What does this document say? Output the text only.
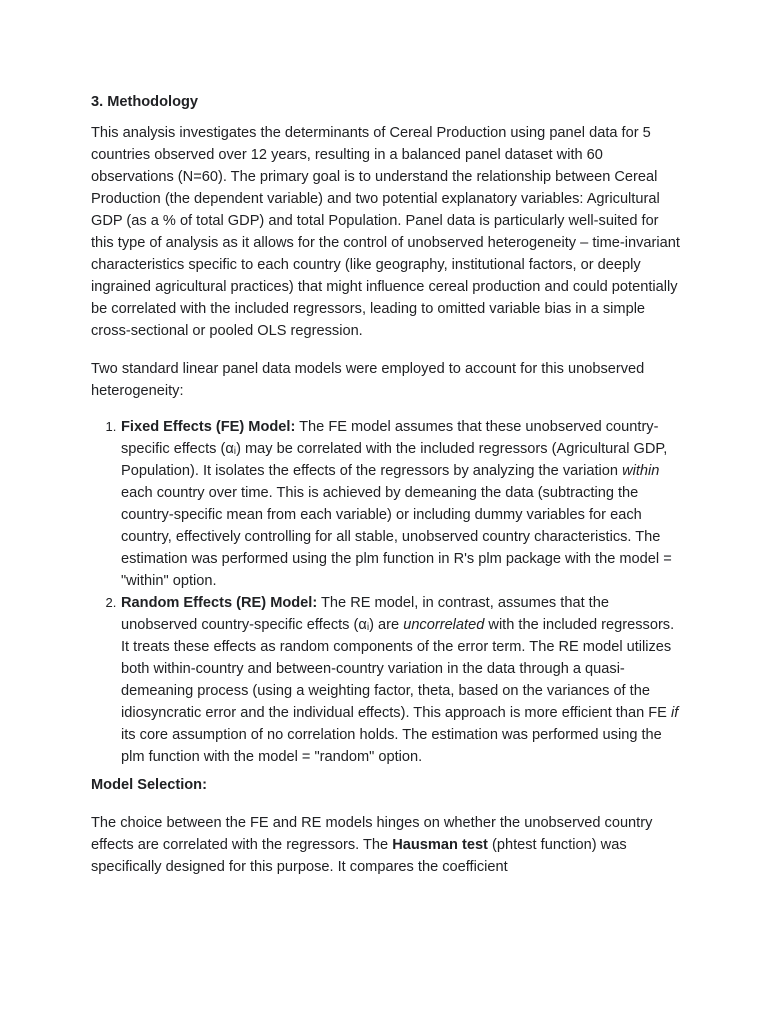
3. Methodology

This analysis investigates the determinants of Cereal Production using panel data for 5 countries observed over 12 years, resulting in a balanced panel dataset with 60 observations (N=60). The primary goal is to understand the relationship between Cereal Production (the dependent variable) and two potential explanatory variables: Agricultural GDP (as a % of total GDP) and total Population. Panel data is particularly well-suited for this type of analysis as it allows for the control of unobserved heterogeneity – time-invariant characteristics specific to each country (like geography, institutional factors, or deeply ingrained agricultural practices) that might influence cereal production and could potentially be correlated with the included regressors, leading to omitted variable bias in a simple cross-sectional or pooled OLS regression.

Two standard linear panel data models were employed to account for this unobserved heterogeneity:

1. Fixed Effects (FE) Model: The FE model assumes that these unobserved country-specific effects (αᵢ) may be correlated with the included regressors (Agricultural GDP, Population). It isolates the effects of the regressors by analyzing the variation within each country over time. This is achieved by demeaning the data (subtracting the country-specific mean from each variable) or including dummy variables for each country, effectively controlling for all stable, unobserved country characteristics. The estimation was performed using the plm function in R's plm package with the model = "within" option.
2. Random Effects (RE) Model: The RE model, in contrast, assumes that the unobserved country-specific effects (αᵢ) are uncorrelated with the included regressors. It treats these effects as random components of the error term. The RE model utilizes both within-country and between-country variation in the data through a quasi-demeaning process (using a weighting factor, theta, based on the variances of the idiosyncratic error and the individual effects). This approach is more efficient than FE if its core assumption of no correlation holds. The estimation was performed using the plm function with the model = "random" option.

Model Selection:

The choice between the FE and RE models hinges on whether the unobserved country effects are correlated with the regressors. The Hausman test (phtest function) was specifically designed for this purpose. It compares the coefficient
